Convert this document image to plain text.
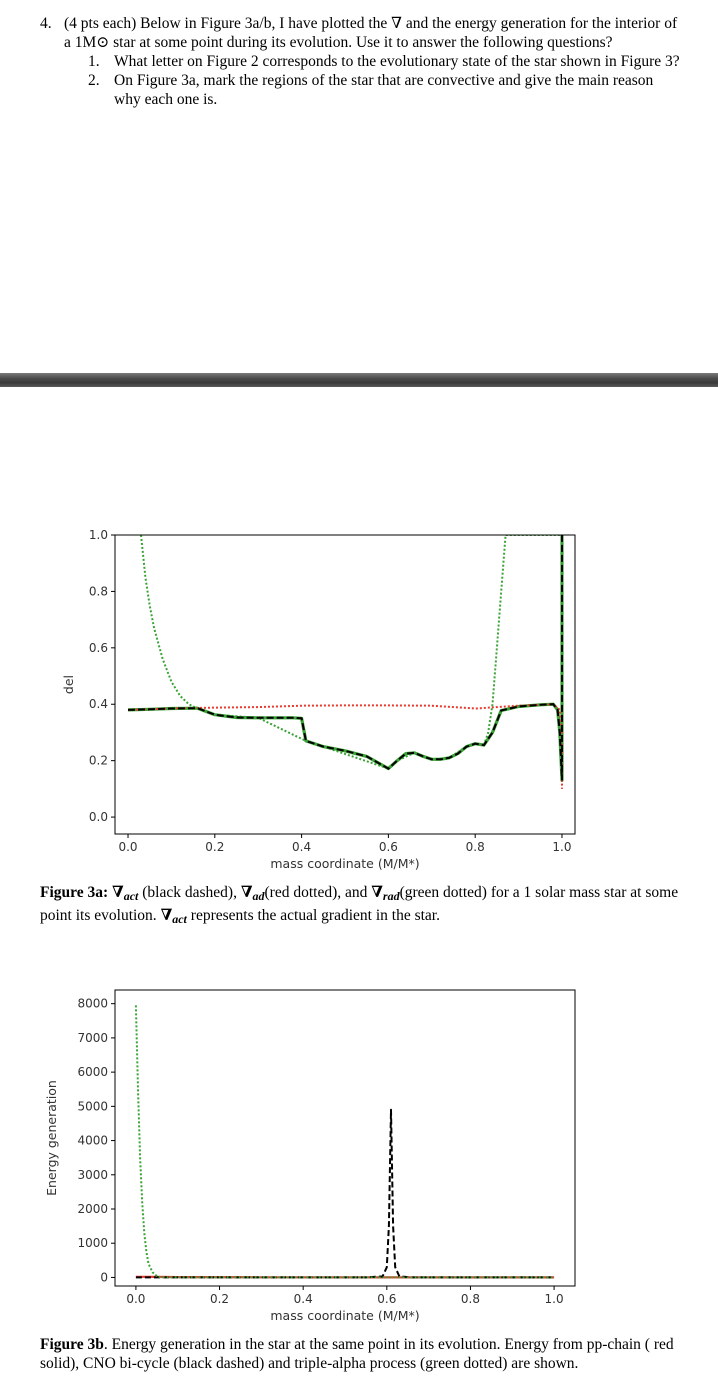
4. (4 pts each) Below in Figure 3a/b, I have plotted the ∇ and the energy generation for the interior of a 1M⊙ star at some point during its evolution. Use it to answer the following questions?
1. What letter on Figure 2 corresponds to the evolutionary state of the star shown in Figure 3?
2. On Figure 3a, mark the regions of the star that are convective and give the main reason why each one is.
0.0	0.2	0.4	0.6	0.8	1.0
0.0
0.2
0.4
0.6
0.8
1.0
mass coordinate (M/M*)
del
Figure 3a: ∇act (black dashed), ∇ad(red dotted), and ∇rad(green dotted) for a 1 solar mass star at some point its evolution. ∇act represents the actual gradient in the star.
0.0	0.2	0.4	0.6	0.8	1.0
0
1000
2000
3000
4000
5000
6000
7000
8000
mass coordinate (M/M*)
Energy generation
Figure 3b. Energy generation in the star at the same point in its evolution. Energy from pp-chain ( red solid), CNO bi-cycle (black dashed) and triple-alpha process (green dotted) are shown.
